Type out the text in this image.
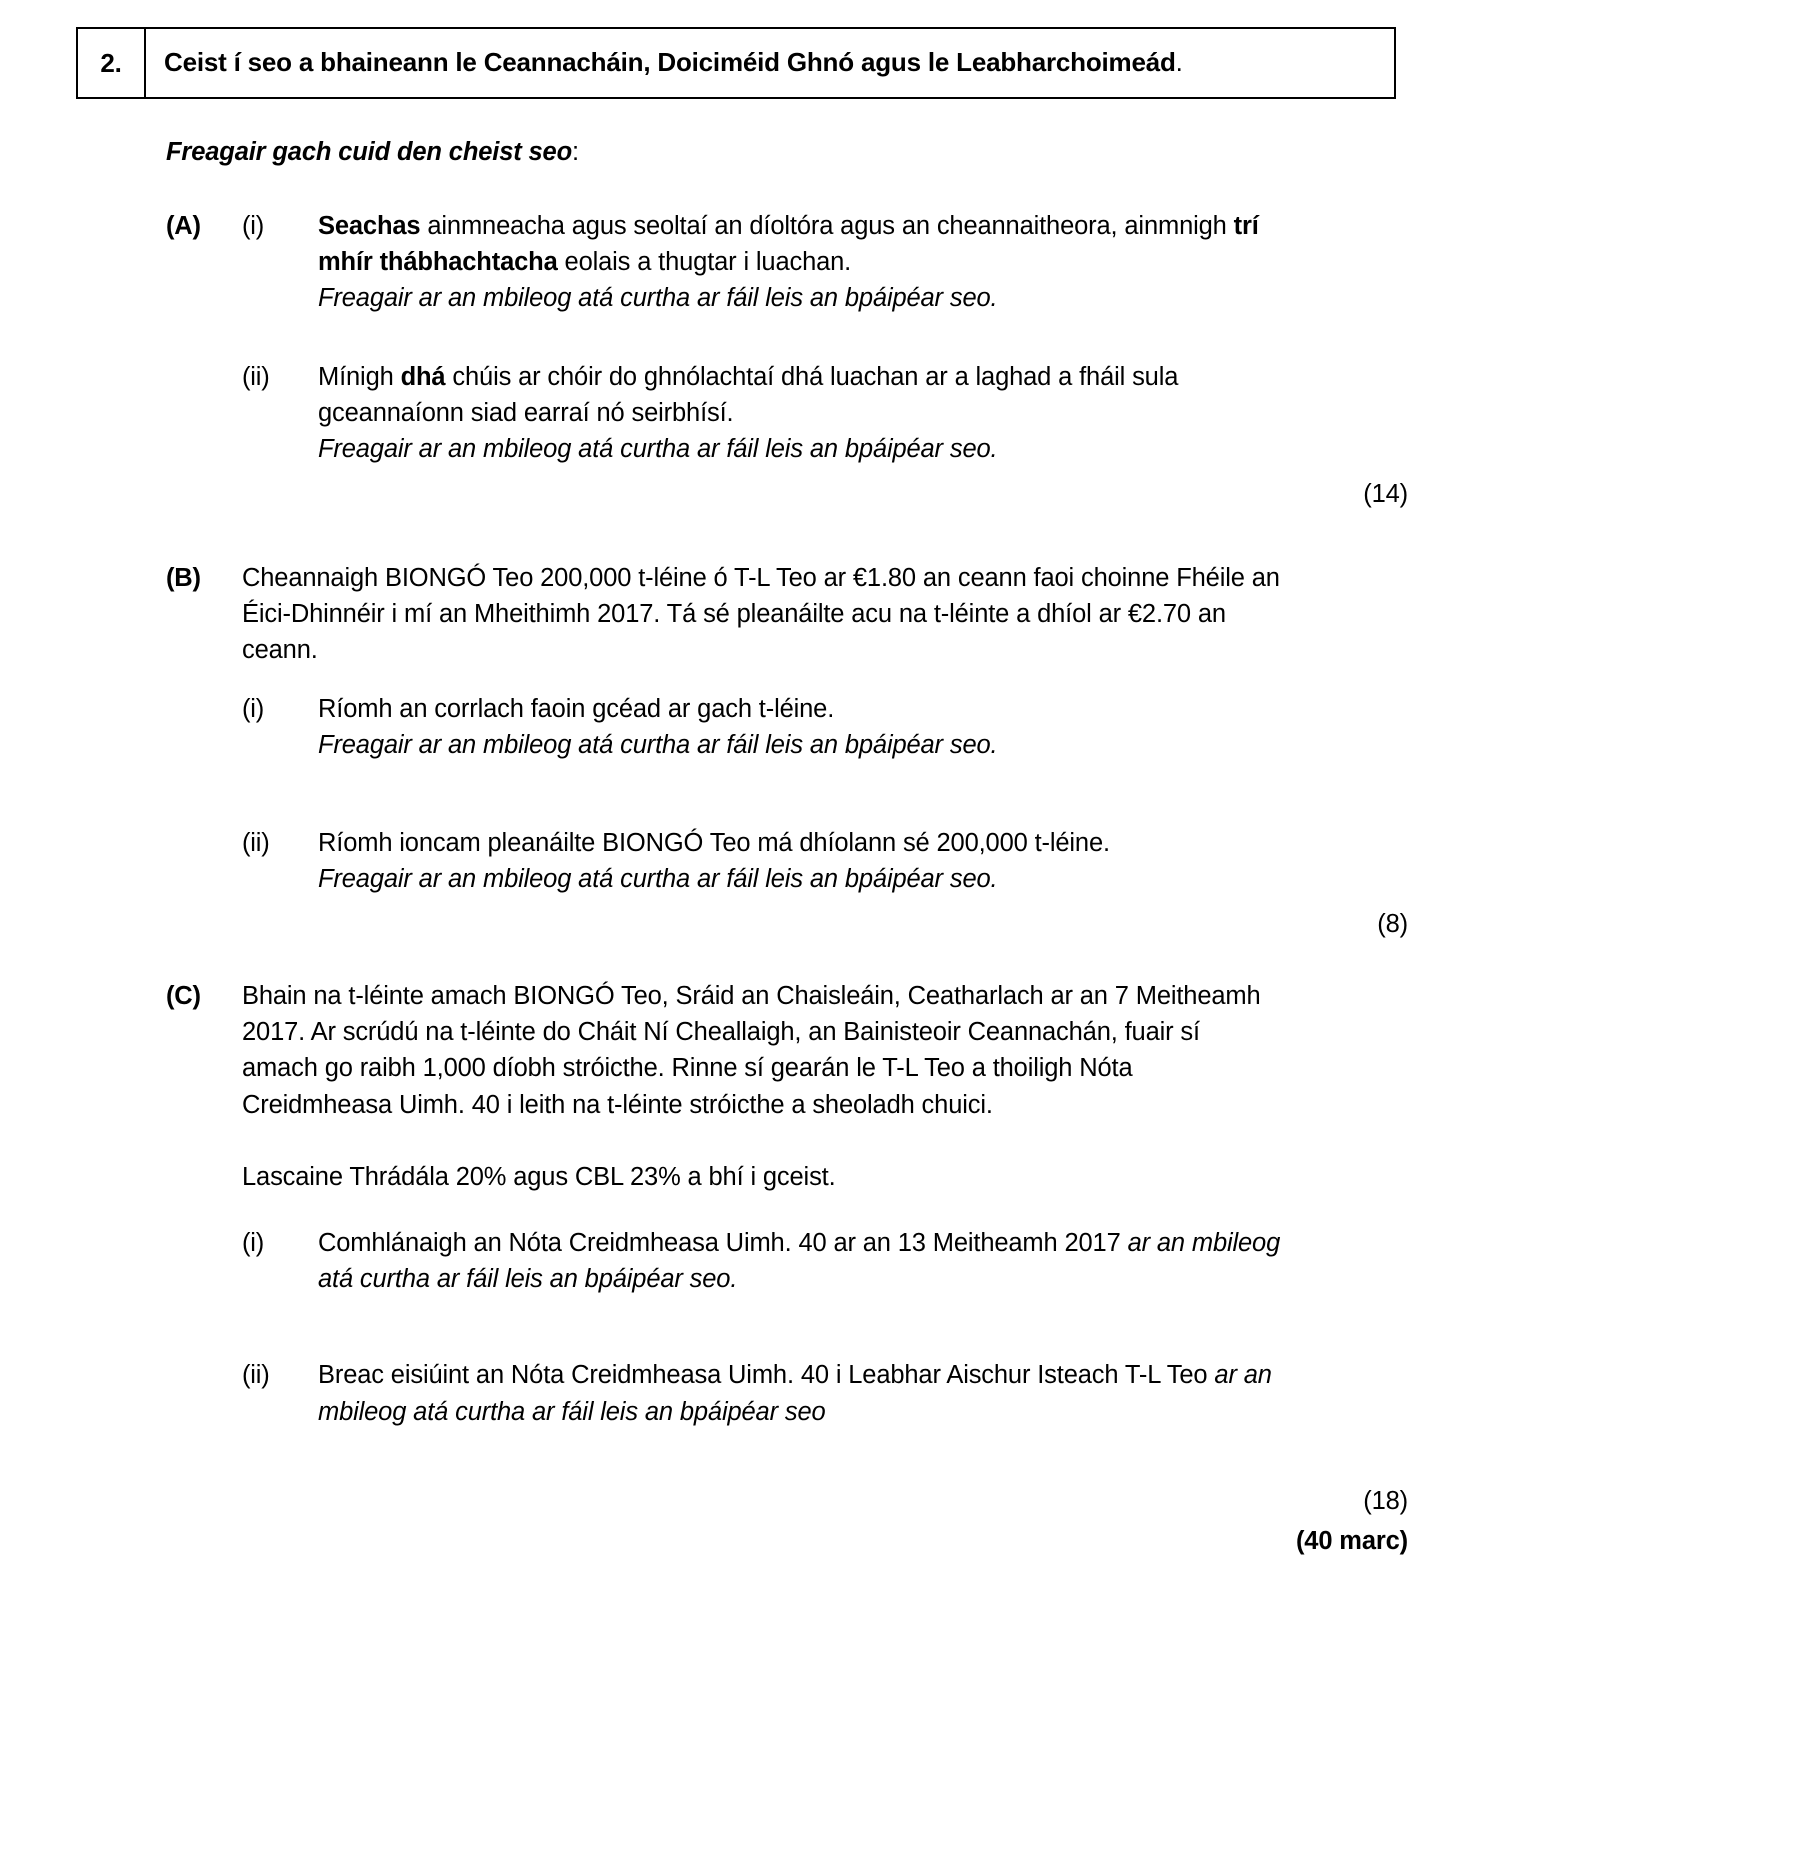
2.	Ceist í seo a bhaineann le Ceannacháin, Doiciméid Ghnó agus le Leabharchoimeád .
Freagair gach cuid den cheist seo:
(A)	(i)	Seachas ainmneacha agus seoltaí an díoltóra agus an cheannaitheora, ainmnigh trí
mhír thábhachtacha eolais a thugtar i luachan.
Freagair ar an mbileog atá curtha ar fáil leis an bpáipéar seo.
(ii)	Mínigh dhá chúis ar chóir do ghnólachtaí dhá luachan ar a laghad a fháil sula
gceannaíonn siad earraí nó seirbhísí.
Freagair ar an mbileog atá curtha ar fáil leis an bpáipéar seo.
(14)
(B)	Cheannaigh BIONGÓ Teo 200,000 t-léine ó T-L Teo ar €1.80 an ceann faoi choinne Fhéile an
Éici-Dhinnéir i mí an Mheithimh 2017. Tá sé pleanáilte acu na t-léinte a dhíol ar €2.70 an
ceann.
(i)	Ríomh an corrlach faoin gcéad ar gach t-léine.
Freagair ar an mbileog atá curtha ar fáil leis an bpáipéar seo.
(ii)	Ríomh ioncam pleanáilte BIONGÓ Teo má dhíolann sé 200,000 t-léine.
Freagair ar an mbileog atá curtha ar fáil leis an bpáipéar seo.
(8)
(C)	Bhain na t-léinte amach BIONGÓ Teo, Sráid an Chaisleáin, Ceatharlach ar an 7 Meitheamh
2017. Ar scrúdú na t-léinte do Cháit Ní Cheallaigh, an Bainisteoir Ceannachán, fuair sí
amach go raibh 1,000 díobh stróicthe. Rinne sí gearán le T-L Teo a thoiligh Nóta
Creidmheasa Uimh. 40 i leith na t-léinte stróicthe a sheoladh chuici.
Lascaine Thrádála 20% agus CBL 23% a bhí i gceist.
(i)	Comhlánaigh an Nóta Creidmheasa Uimh. 40 ar an 13 Meitheamh 2017 ar an mbileog
atá curtha ar fáil leis an bpáipéar seo.
(ii)	Breac eisiúint an Nóta Creidmheasa Uimh. 40 i Leabhar Aischur Isteach T-L Teo ar an
mbileog atá curtha ar fáil leis an bpáipéar seo
(18)
(40 marc)
